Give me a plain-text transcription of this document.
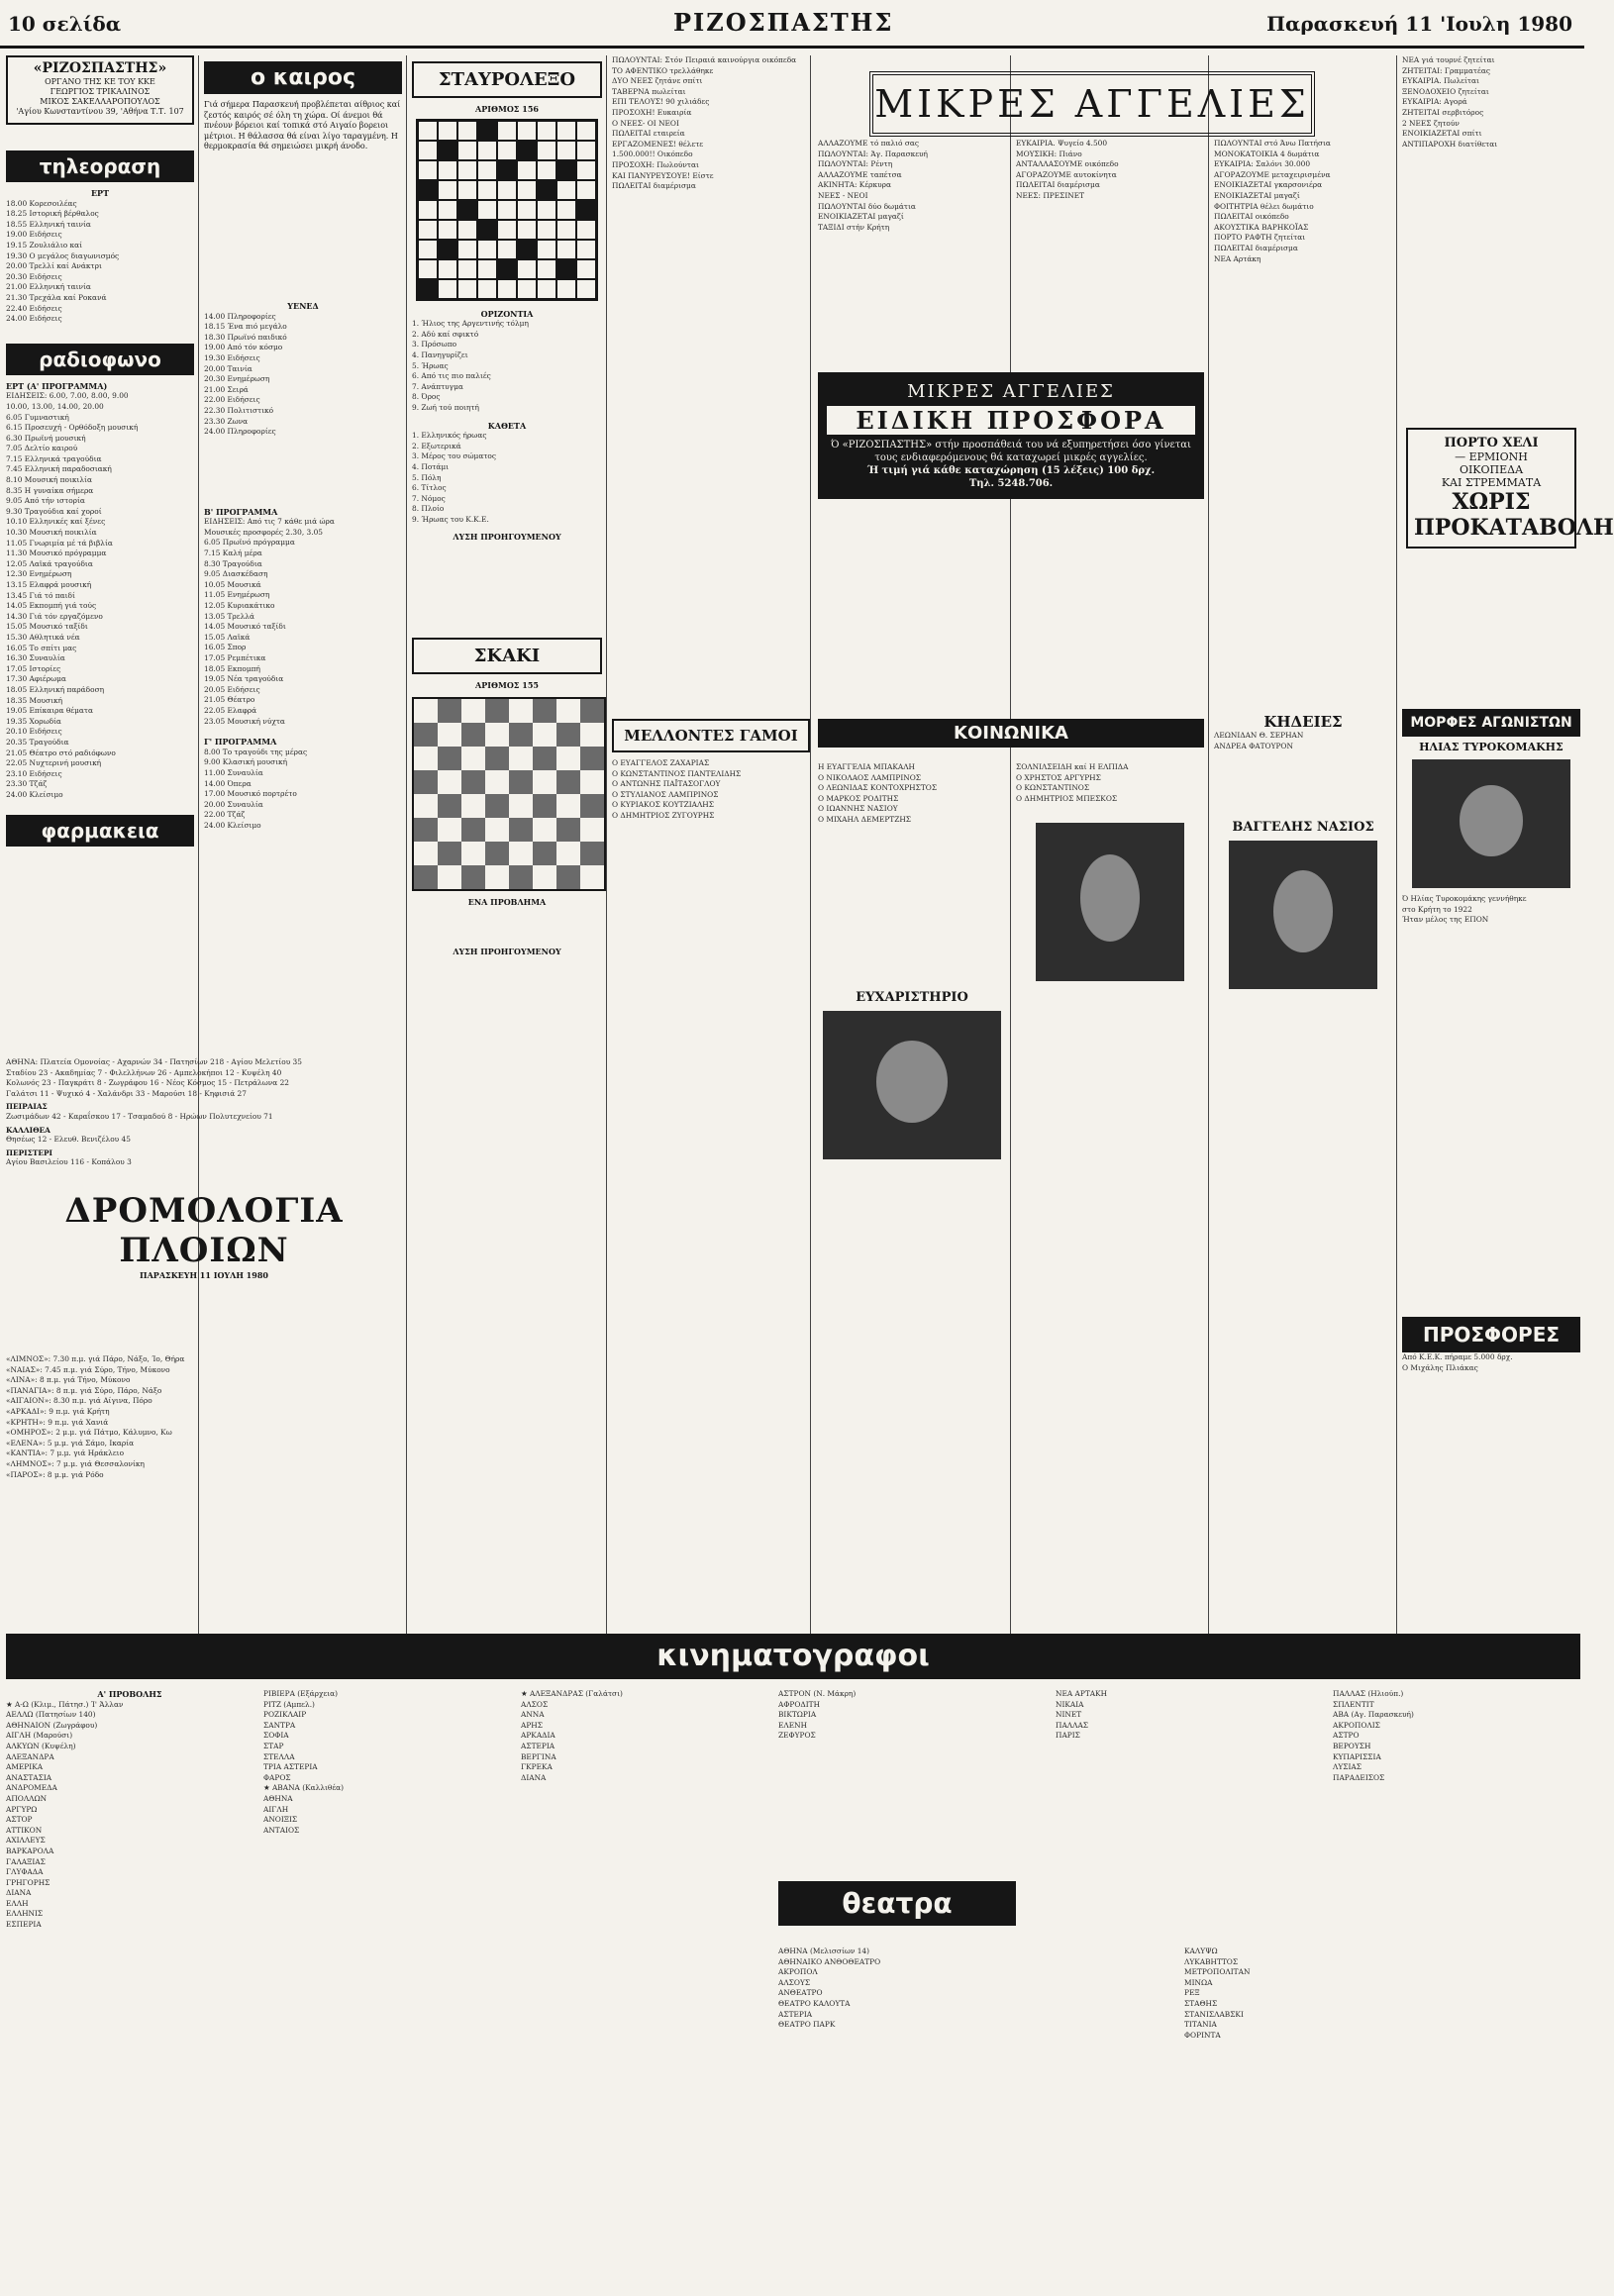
10 σελίδα	ΡΙΖΟΣΠΑΣΤΗΣ	Παρασκευή 11 'Ιουλη 1980
«ΡΙΖΟΣΠΑΣΤΗΣ»
ΟΡΓΑΝΟ ΤΗΣ ΚΕ ΤΟΥ ΚΚΕ
ΓΕΩΡΓΙΟΣ ΤΡΙΚΑΛΙΝΟΣ
ΜΙΚΟΣ ΣΑΚΕΛΛΑΡΟΠΟΥΛΟΣ
'Αγίου Κωνσταντίνου 39, 'Αθήνα Τ.Τ. 107
τηλεοραση
ΕΡΤ
18.00 Κορεσοιλέας
18.25 Ιστορική βέρθαλος
18.55 Ελληνική ταινία
19.00 Ειδήσεις
19.15 Ζουλιάλιο καί
19.30 Ο μεγάλος διαγωνισμός
20.00 Τρελλί καί Ανάκτρι
20.30 Ειδήσεις
21.00 Ελληνική ταινία
21.30 Τρεχάλα καί Ροκανά
22.40 Ειδήσεις
24.00 Ειδήσεις
ραδιοφωνο
ΕΡΤ (Α' ΠΡΟΓΡΑΜΜΑ)
ΕΙΔΗΣΕΙΣ: 6.00, 7.00, 8.00, 9.00
10.00, 13.00, 14.00, 20.00
6.05 Γυμναστική
6.15 Προσευχή - Ορθόδοξη μουσική
6.30 Πρωϊνή μουσική
7.05 Δελτίο καιρού
7.15 Ελληνικά τραγούδια
7.45 Ελληνική παραδοσιακή
8.10 Μουσική ποικιλία
8.35 Η γυναίκα σήμερα
9.05 Από τήν ιστορία
9.30 Τραγούδια καί χοροί
10.10 Ελληνικές καί ξένες
10.30 Μουσική ποικιλία
11.05 Γνωριμία μέ τά βιβλία
11.30 Μουσικό πρόγραμμα
12.05 Λαϊκά τραγούδια
12.30 Ενημέρωση
13.15 Ελαφρά μουσική
13.45 Γιά τό παιδί
14.05 Εκπομπή γιά τούς
14.30 Γιά τόν εργαζόμενο
15.05 Μουσικό ταξίδι
15.30 Αθλητικά νέα
16.05 Το σπίτι μας
16.30 Συναυλία
17.05 Ιστορίες
17.30 Αφιέρωμα
18.05 Ελληνική παράδοση
18.35 Μουσική
19.05 Επίκαιρα θέματα
19.35 Χορωδία
20.10 Ειδήσεις
20.35 Τραγούδια
21.05 Θέατρο στό ραδιόφωνο
22.05 Νυχτερινή μουσική
23.10 Ειδήσεις
23.30 Τζάζ
24.00 Κλείσιμο
φαρμακεια
ο καιρος
Γιά σήμερα Παρασκευή προβλέπεται αίθριος καί ζεστός καιρός σέ όλη τη χώρα. Οί άνεμοι θά πνέουν βόρειοι καί τοπικά στό Αιγαίο βορειοι μέτριοι. Η θάλασσα θά είναι λίγο ταραγμένη. Η θερμοκρασία θά σημειώσει μικρή άνοδο.
ΥΕΝΕΔ
14.00 Πληροφορίες
18.15 Ένα πιό μεγάλο
18.30 Πρωϊνό παιδικό
19.00 Από τόν κόσμο
19.30 Ειδήσεις
20.00 Ταινία
20.30 Ενημέρωση
21.00 Σειρά
22.00 Ειδήσεις
22.30 Πολιτιστικό
23.30 Ζωνα
24.00 Πληροφορίες
Β' ΠΡΟΓΡΑΜΜΑ
ΕΙΔΗΣΕΙΣ: Από τις 7 κάθε μιά ώρα
Μουσικές προσφορές 2.30, 3.05
6.05 Πρωϊνό πρόγραμμα
7.15 Καλή μέρα
8.30 Τραγούδια
9.05 Διασκέδαση
10.05 Μουσικά
11.05 Ενημέρωση
12.05 Κυριακάτικο
13.05 Τρελλά
14.05 Μουσικό ταξίδι
15.05 Λαϊκά
16.05 Σπορ
17.05 Ρεμπέτικα
18.05 Εκπομπή
19.05 Νέα τραγούδια
20.05 Ειδήσεις
21.05 Θέατρο
22.05 Ελαφρά
23.05 Μουσική νύχτα
Γ' ΠΡΟΓΡΑΜΜΑ
8.00 Το τραγούδι της μέρας
9.00 Κλασική μουσική
11.00 Συναυλία
14.00 Όπερα
17.00 Μουσικό πορτρέτο
20.00 Συναυλία
22.00 Τζάζ
24.00 Κλείσιμο
ΣΤΑΥΡΟΛΕΞΟ
ΑΡΙΘΜΟΣ 156
ΟΡΙΖΟΝΤΙΑ
1. Ήλιος της Αργεντινής τόλμη
2. Αδύ καί σφικτό
3. Πρόσωπο
4. Πανηγυρίζει
5. Ήρωας
6. Από τις πιο παλιές
7. Ανάπτυγμα
8. Όρος
9. Ζωή τού ποιητή
ΚΑΘΕΤΑ
1. Ελληνικός ήρωας
2. Εξωτερικά
3. Μέρος του σώματος
4. Ποτάμι
5. Πόλη
6. Τίτλος
7. Νόμος
8. Πλοίο
9. Ήρωας του Κ.Κ.Ε.
ΛΥΣΗ ΠΡΟΗΓΟΥΜΕΝΟΥ
ΣΚΑΚΙ
ΑΡΙΘΜΟΣ 155
ΕΝΑ ΠΡΟΒΛΗΜΑ
ΛΥΣΗ ΠΡΟΗΓΟΥΜΕΝΟΥ
ΑΘΗΝΑ: Πλατεία Ομονοίας - Αχαρνών 34 - Πατησίων 218 - Αγίου Μελετίου 35
Σταδίου 23 - Ακαδημίας 7 - Φιλελλήνων 26 - Αμπελοκήποι 12 - Κυψέλη 40
Κολωνός 23 - Παγκράτι 8 - Ζωγράφου 16 - Νέος Κόσμος 15 - Πετράλωνα 22
Γαλάτσι 11 - Ψυχικό 4 - Χαλάνδρι 33 - Μαρούσι 18 - Κηφισιά 27
ΠΕΙΡΑΙΑΣ
Ζωσιμάδων 42 - Καραΐσκου 17 - Τσαμαδού 8 - Ηρώων Πολυτεχνείου 71
ΚΑΛΛΙΘΕΑ
Θησέως 12 - Ελευθ. Βενιζέλου 45
ΠΕΡΙΣΤΕΡΙ
Αγίου Βασιλείου 116 - Κοπάλου 3
ΔΡΟΜΟΛΟΓΙΑ ΠΛΟΙΩΝ
ΠΑΡΑΣΚΕΥΗ 11 ΙΟΥΛΗ 1980
«ΛΙΜΝΟΣ»: 7.30 π.μ. γιά Πάρο, Νάξο, Ίο, Θήρα
«ΝΑΙΑΣ»: 7.45 π.μ. γιά Σύρο, Τήνο, Μύκονο
«ΛΙΝΑ»: 8 π.μ. γιά Τήνο, Μύκονο
«ΠΑΝΑΓΙΑ»: 8 π.μ. γιά Σύρο, Πάρο, Νάξο
«ΑΙΓΑΙΟΝ»: 8.30 π.μ. γιά Αίγινα, Πόρο
«ΑΡΚΑΔΙ»: 9 π.μ. γιά Κρήτη
«ΚΡΗΤΗ»: 9 π.μ. γιά Χανιά
«ΟΜΗΡΟΣ»: 2 μ.μ. γιά Πάτμο, Κάλυμνο, Κω
«ΕΛΕΝΑ»: 5 μ.μ. γιά Σάμο, Ικαρία
«ΚΑΝΤΙΑ»: 7 μ.μ. γιά Ηράκλειο
«ΛΗΜΝΟΣ»: 7 μ.μ. γιά Θεσσαλονίκη
«ΠΑΡΟΣ»: 8 μ.μ. γιά Ρόδο
ΠΩΛΟΥΝΤΑΙ: Στόν Πειραιά καινούργια οικόπεδα
ΤΟ ΑΦΕΝΤΙΚΟ τρελλάθηκε
ΔΥΟ ΝΕΕΣ ζητάνε σπίτι
ΤΑΒΕΡΝΑ πωλείται
ΕΠΙ ΤΕΛΟΥΣ! 90 χιλιάδες
ΠΡΟΣΟΧΗ! Ευκαιρία
Ο ΝΕΕΣ- ΟΙ ΝΕΟΙ
ΠΩΛΕΙΤΑΙ εταιρεία
ΕΡΓΑΖΟΜΕΝΕΣ! θέλετε
1.500.000!! Οικόπεδο
ΠΡΟΣΟΧΗ: Πωλούνται
ΚΑΙ ΠΑΝΥΡΕΥΣΟΥΕ! Είστε
ΠΩΛΕΙΤΑΙ διαμέρισμα
ΜΙΚΡΕΣ ΑΓΓΕΛΙΕΣ
ΑΛΛΑΖΟΥΜΕ τό παλιό σας
ΠΩΛΟΥΝΤΑΙ: Άγ. Παρασκευή
ΠΩΛΟΥΝΤΑΙ: Ρέντη
ΑΛΛΑΖΟΥΜΕ ταπέτσα
ΑΚΙΝΗΤΑ: Κέρκυρα
ΝΕΕΣ - ΝΕΟΙ
ΠΩΛΟΥΝΤΑΙ δύο δωμάτια
ΕΝΟΙΚΙΑΖΕΤΑΙ μαγαζί
ΤΑΞΙΔΙ στήν Κρήτη
ΕΥΚΑΙΡΙΑ. Ψυγείο 4.500
ΜΟΥΣΙΚΗ: Πιάνο
ΑΝΤΑΛΛΑΣΟΥΜΕ οικόπεδο
ΑΓΟΡΑΖΟΥΜΕ αυτοκίνητα
ΠΩΛΕΙΤΑΙ διαμέρισμα
ΝΕΕΣ: ΠΡΕΣΙΝΕΤ
ΠΩΛΟΥΝΤΑΙ στό Άνω Πατήσια
ΜΟΝΟΚΑΤΟΙΚΙΑ 4 δωμάτια
ΕΥΚΑΙΡΙΑ: Σαλόνι 30.000
ΑΓΟΡΑΖΟΥΜΕ μεταχειρισμένα
ΕΝΟΙΚΙΑΖΕΤΑΙ γκαρσονιέρα
ΕΝΟΙΚΙΑΖΕΤΑΙ μαγαζί
ΦΟΙΤΗΤΡΙΑ θέλει δωμάτιο
ΠΩΛΕΙΤΑΙ οικόπεδο
ΑΚΟΥΣΤΙΚΑ ΒΑΡΗΚΟΪΑΣ
ΠΟΡΤΟ ΡΑΦΤΗ ζητείται
ΠΩΛΕΙΤΑΙ διαμέρισμα
ΝΕΑ Αρτάκη
ΝΕΑ γιά τουρνέ ζητείται
ΖΗΤΕΙΤΑΙ: Γραμματέας
ΕΥΚΑΙΡΙΑ. Πωλείται
ΞΕΝΟΔΟΧΕΙΟ ζητείται
ΕΥΚΑΙΡΙΑ: Αγορά
ΖΗΤΕΙΤΑΙ σερβιτόρος
2 ΝΕΕΣ ζητούν
ΕΝΟΙΚΙΑΖΕΤΑΙ σπίτι
ΑΝΤΙΠΑΡΟΧΗ διατίθεται
ΜΙΚΡΕΣ ΑΓΓΕΛΙΕΣ
ΕΙΔΙΚΗ ΠΡΟΣΦΟΡΑ
Ό «ΡΙΖΟΣΠΑΣΤΗΣ» στήν προσπάθειά του νά εξυπηρετήσει όσο γίνεται τους ενδιαφερόμενους θά καταχωρεί μικρές αγγελίες.
Ή τιμή γιά κάθε καταχώρηση (15 λέξεις) 100 δρχ.
Τηλ. 5248.706.
ΠΟΡΤΟ ΧΕΛΙ
— ΕΡΜΙΟΝΗ
ΟΙΚΟΠΕΔΑ
ΚΑΙ ΣΤΡΕΜΜΑΤΑ
ΧΩΡΙΣ
ΠΡΟΚΑΤΑΒΟΛΗ
ΜΕΛΛΟΝΤΕΣ ΓΑΜΟΙ
Ο ΕΥΑΓΓΕΛΟΣ ΖΑΧΑΡΙΑΣ
Ο ΚΩΝΣΤΑΝΤΙΝΟΣ ΠΑΝΤΕΛΙΔΗΣ
Ο ΑΝΤΩΝΗΣ ΠΑΪΤΑΣΟΓΛΟΥ
Ο ΣΤΥΛΙΑΝΟΣ ΛΑΜΠΡΙΝΟΣ
Ο ΚΥΡΙΑΚΟΣ ΚΟΥΤΖΙΑΛΗΣ
Ο ΔΗΜΗΤΡΙΟΣ ΖΥΓΟΥΡΗΣ
ΚΟΙΝΩΝΙΚΑ
Η ΕΥΑΓΓΕΛΙΑ ΜΠΑΚΑΛΗ
Ο ΝΙΚΟΛΑΟΣ ΛΑΜΠΡΙΝΟΣ
Ο ΛΕΩΝΙΔΑΣ ΚΟΝΤΟΧΡΗΣΤΟΣ
Ο ΜΑΡΚΟΣ ΡΟΔΙΤΗΣ
Ο ΙΩΑΝΝΗΣ ΝΑΣΙΟΥ
Ο ΜΙΧΑΗΛ ΔΕΜΕΡΤΖΗΣ
ΣΟΛΝΙΛΣΕΙΔΗ καί Η ΕΛΠΙΔΑ
Ο ΧΡΗΣΤΟΣ ΑΡΓΥΡΗΣ
Ο ΚΩΝΣΤΑΝΤΙΝΟΣ
Ο ΔΗΜΗΤΡΙΟΣ ΜΠΕΣΚΟΣ
ΚΗΔΕΙΕΣ
ΛΕΩΝΙΔΑΝ Θ. ΣΕΡΗΑΝ
ΑΝΔΡΕΑ ΦΑΤΟΥΡΟΝ
ΒΑΓΓΕΛΗΣ ΝΑΣΙΟΣ
ΕΥΧΑΡΙΣΤΗΡΙΟ
ΜΟΡΦΕΣ ΑΓΩΝΙΣΤΩΝ
ΗΛΙΑΣ ΤΥΡΟΚΟΜΑΚΗΣ
Ό Ηλίας Τυροκομάκης γεννήθηκε
στο Κρήτη το 1922
Ήταν μέλος της ΕΠΟΝ
ΠΡΟΣΦΟΡΕΣ
Από Κ.Ε.Κ. πήραμε 5.000 δρχ.
Ο Μιχάλης Πλιάκας
κινηματογραφοι
Α' ΠΡΟΒΟΛΗΣ
★ Α-Ω (Κλιμ., Πάτησ.) Ί' Άλλαν
ΑΕΛΛΩ (Πατησίων 140)
ΑΘΗΝΑΙΟΝ (Ζωγράφου)
ΑΙΓΛΗ (Μαρούσι)
ΑΛΚΥΩΝ (Κυψέλη)
ΑΛΕΞΑΝΔΡΑ
ΑΜΕΡΙΚΑ
ΑΝΑΣΤΑΣΙΑ
ΑΝΔΡΟΜΕΔΑ
ΑΠΟΛΛΩΝ
ΑΡΓΥΡΩ
ΑΣΤΟΡ
ΑΤΤΙΚΟΝ
ΑΧΙΛΛΕΥΣ
ΒΑΡΚΑΡΟΛΑ
ΓΑΛΑΞΙΑΣ
ΓΛΥΦΑΔΑ
ΓΡΗΓΟΡΗΣ
ΔΙΑΝΑ
ΕΛΛΗ
ΕΛΛΗΝΙΣ
ΕΣΠΕΡΙΑ
ΡΙΒΙΕΡΑ (Εξάρχεια)
ΡΙΤΖ (Αμπελ.)
ΡΟΖΙΚΛΑΙΡ
ΣΑΝΤΡΑ
ΣΟΦΙΑ
ΣΤΑΡ
ΣΤΕΛΛΑ
ΤΡΙΑ ΑΣΤΕΡΙΑ
ΦΑΡΟΣ
★ ΑΒΑΝΑ (Καλλιθέα)
ΑΘΗΝΑ
ΑΙΓΛΗ
ΑΝΟΙΞΙΣ
ΑΝΤΑΙΟΣ
★ ΑΛΕΞΑΝΔΡΑΣ (Γαλάτσι)
ΑΛΣΟΣ
ΑΝΝΑ
ΑΡΗΣ
ΑΡΚΑΔΙΑ
ΑΣΤΕΡΙΑ
ΒΕΡΓΙΝΑ
ΓΚΡΕΚΑ
ΔΙΑΝΑ
ΑΣΤΡΟΝ (Ν. Μάκρη)
ΑΦΡΟΔΙΤΗ
ΒΙΚΤΩΡΙΑ
ΕΛΕΝΗ
ΖΕΦΥΡΟΣ
ΝΕΑ ΑΡΤΑΚΗ
ΝΙΚΑΙΑ
ΝΙΝΕΤ
ΠΑΛΛΑΣ
ΠΑΡΙΣ
ΠΑΛΛΑΣ (Ηλιούπ.)
ΣΠΛΕΝΤΙΤ
ΑΒΑ (Αγ. Παρασκευή)
ΑΚΡΟΠΟΛΙΣ
ΑΣΤΡΟ
ΒΕΡΟΥΣΗ
ΚΥΠΑΡΙΣΣΙΑ
ΛΥΣΙΑΣ
ΠΑΡΑΔΕΙΣΟΣ
θεατρα
ΑΘΗΝΑ (Μελισσίων 14)
ΑΘΗΝΑΙΚΟ ΑΝΘΟΘΕΑΤΡΟ
ΑΚΡΟΠΟΛ
ΑΛΣΟΥΣ
ΑΝΘΕΑΤΡΟ
ΘΕΑΤΡΟ ΚΑΛΟΥΤΑ
ΑΣΤΕΡΙΑ
ΘΕΑΤΡΟ ΠΑΡΚ
ΚΑΛΥΨΩ
ΛΥΚΑΒΗΤΤΟΣ
ΜΕΤΡΟΠΟΛΙΤΑΝ
ΜΙΝΩΑ
ΡΕΞ
ΣΤΑΘΗΣ
ΣΤΑΝΙΣΛΑΒΣΚΙ
ΤΙΤΑΝΙΑ
ΦΟΡΙΝΤΑ
